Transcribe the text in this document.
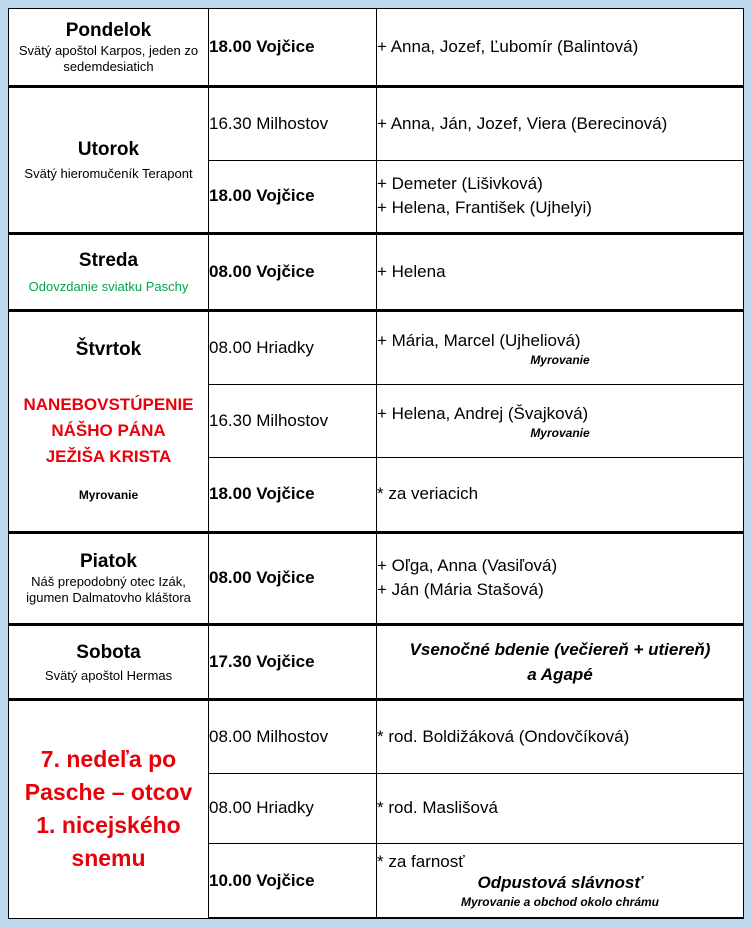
Pondelok
Svätý apoštol Karpos, jeden zo sedemdesiatich	18.00 Vojčice	+ Anna, Jozef, Ľubomír (Balintová)

Utorok
Svätý hieromučeník Terapont	16.30 Milhostov	+ Anna, Ján, Jozef, Viera (Berecinová)

	18.00 Vojčice	+ Demeter (Lišivková)
+ Helena, František (Ujhelyi)

Streda
Odovzdanie sviatku Paschy	08.00 Vojčice	+ Helena

Štvrtok
NANEBOVSTÚPENIE
NÁŠHO PÁNA
JEŽIŠA KRISTA
Myrovanie	08.00 Hriadky	+ Mária, Marcel (Ujheliová)
Myrovanie

	16.30 Milhostov	+ Helena, Andrej (Švajková)
Myrovanie

	18.00 Vojčice	* za veriacich

Piatok
Náš prepodobný otec Izák, igumen Dalmatovho kláštora	08.00 Vojčice	+ Oľga, Anna (Vasiľová)
+ Ján (Mária Stašová)

Sobota
Svätý apoštol Hermas	17.30 Vojčice	Vsenočné bdenie (večiereň + utiereň)
a Agapé

7. nedeľa po
Pasche – otcov
1. nicejského
snemu	08.00 Milhostov	* rod. Boldižáková (Ondovčíková)

	08.00 Hriadky	* rod. Maslišová

	10.00 Vojčice	* za farnosť
Odpustová slávnosť
Myrovanie a obchod okolo chrámu
